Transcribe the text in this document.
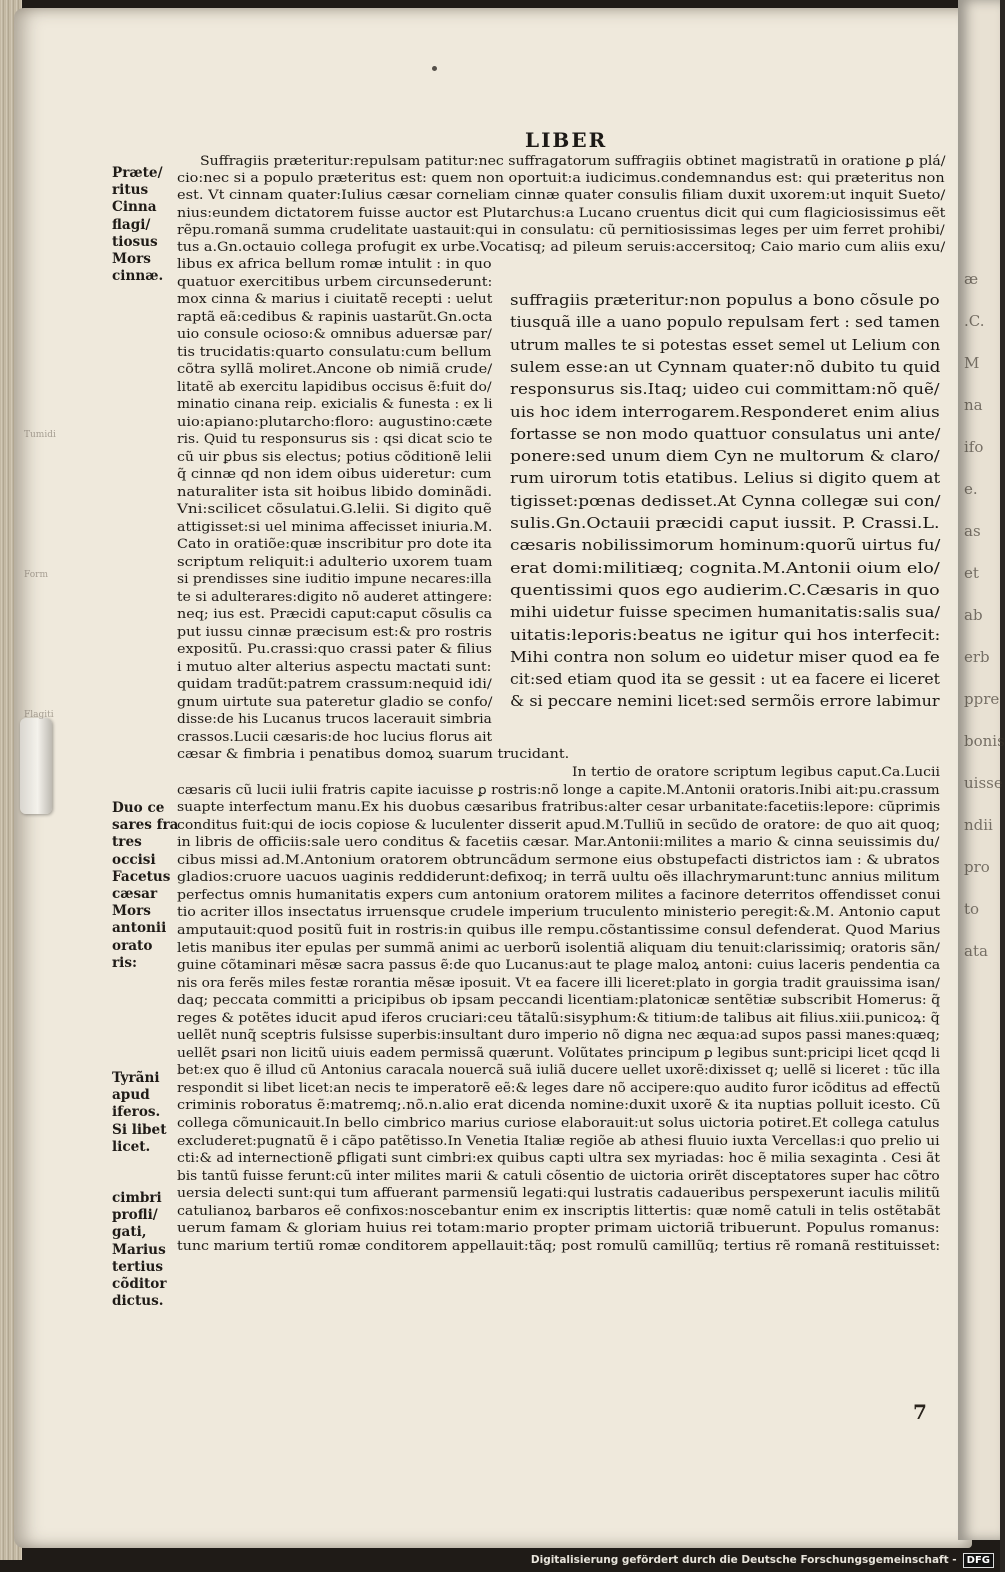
æ
.C.
M
na
ifo
e.
as
et
ab
erb
ppre
bonis
uisse
ndii
pro
to
ata
LIBER
Præte/
ritus
Cinna
flagi/
tiosus
Mors
cinnæ.
Duo ce
sares fra
tres
occisi
Facetus
cæsar
Mors
antonii
orato
ris:
Tyrãni
apud
iferos.
Si libet
licet.
cimbri
profli/
gati,
Marius
tertius
cõditor
dictus.
Suffragiis præteritur:repulsam patitur:nec suffragatorum suffragiis obtinet magistratũ in oratione ꝑ plá/
cio:nec si a populo præteritus est: quem non oportuit:a iudicimus.condemnandus est: qui præteritus non
est. Vt cinnam quater:Iulius cæsar corneliam cinnæ quater consulis filiam duxit uxorem:ut inquit Sueto/
nius:eundem dictatorem fuisse auctor est Plutarchus:a Lucano cruentus dicit qui cum flagiciosissimus eẽt
rẽpu.romanã summa crudelitate uastauit:qui in consulatu: cũ pernitiosissimas leges per uim ferret prohibi/
tus a.Gn.octauio collega profugit ex urbe.Vocatisq; ad pileum seruis:accersitoq; Caio mario cum aliis exu/
libus ex africa bellum romæ intulit : in quo
quatuor exercitibus urbem circunsederunt:
mox cinna & marius i ciuitatẽ recepti : uelut
raptã eã:cedibus & rapinis uastarũt.Gn.octa
uio consule ocioso:& omnibus aduersæ par/
tis trucidatis:quarto consulatu:cum bellum
cõtra syllã moliret.Ancone ob nimiã crude/
litatẽ ab exercitu lapidibus occisus ẽ:fuit do/
minatio cinana reip. exicialis & funesta : ex li
uio:apiano:plutarcho:floro: augustino:cæte
ris. Quid tu responsurus sis : qsi dicat scio te
cũ uir ꝑbus sis electus; potius cõditionẽ lelii
q̃ cinnæ qd non idem oibus uideretur: cum
naturaliter ista sit hoibus libido dominãdi.
Vni:scilicet cõsulatui.G.lelii. Si digito quẽ
attigisset:si uel minima affecisset iniuria.M.
Cato in oratiõe:quæ inscribitur pro dote ita
scriptum reliquit:i adulterio uxorem tuam
si prendisses sine iuditio impune necares:illa
te si adulterares:digito nõ auderet attingere:
neq; ius est. Præcidi caput:caput cõsulis ca
put iussu cinnæ præcisum est:& pro rostris
expositũ. Pu.crassi:quo crassi pater & filius
i mutuo alter alterius aspectu mactati sunt:
quidam tradũt:patrem crassum:nequid idi/
gnum uirtute sua pateretur gladio se confo/
disse:de his Lucanus trucos lacerauit simbria
crassos.Lucii cæsaris:de hoc lucius florus ait
cæsar & fimbria i penatibus domoꝝ suarum trucidant.
suffragiis præteritur:non populus a bono cõsule po
tiusquã ille a uano populo repulsam fert : sed tamen
utrum malles te si potestas esset semel ut Lelium con
sulem esse:an ut Cynnam quater:nõ dubito tu quid
responsurus sis.Itaq; uideo cui committam:nõ quẽ/
uis hoc idem interrogarem.Responderet enim alius
fortasse se non modo quattuor consulatus uni ante/
ponere:sed unum diem Cyn ne multorum & claro/
rum uirorum totis etatibus. Lelius si digito quem at
tigisset:pœnas dedisset.At Cynna collegæ sui con/
sulis.Gn.Octauii præcidi caput iussit. P. Crassi.L.
cæsaris nobilissimorum hominum:quorũ uirtus fu/
erat domi:militiæq; cognita.M.Antonii oium elo/
quentissimi quos ego audierim.C.Cæsaris in quo
mihi uidetur fuisse specimen humanitatis:salis sua/
uitatis:leporis:beatus ne igitur qui hos interfecit:
Mihi contra non solum eo uidetur miser quod ea fe
cit:sed etiam quod ita se gessit : ut ea facere ei liceret
& si peccare nemini licet:sed sermõis errore labimur
In tertio de oratore scriptum legibus caput.Ca.Lucii
cæsaris cũ lucii iulii fratris capite iacuisse ꝑ rostris:nõ longe a capite.M.Antonii oratoris.Inibi ait:pu.crassum
suapte interfectum manu.Ex his duobus cæsaribus fratribus:alter cesar urbanitate:facetiis:lepore: cũprimis
conditus fuit:qui de iocis copiose & luculenter disserit apud.M.Tulliũ in secũdo de oratore: de quo ait quoq;
in libris de officiis:sale uero conditus & facetiis cæsar. Mar.Antonii:milites a mario & cinna seuissimis du/
cibus missi ad.M.Antonium oratorem obtruncãdum sermone eius obstupefacti districtos iam : & ubratos
gladios:cruore uacuos uaginis reddiderunt:defixoq; in terrã uultu oẽs illachrymarunt:tunc annius militum
perfectus omnis humanitatis expers cum antonium oratorem milites a facinore deterritos offendisset conui
tio acriter illos insectatus irruensque crudele imperium truculento ministerio peregit:&.M. Antonio caput
amputauit:quod positũ fuit in rostris:in quibus ille rempu.cõstantissime consul defenderat. Quod Marius
letis manibus iter epulas per summã animi ac uerborũ isolentiã aliquam diu tenuit:clarissimiq; oratoris sãn/
guine cõtaminari mẽsæ sacra passus ẽ:de quo Lucanus:aut te plage maloꝝ antoni: cuius laceris pendentia ca
nis ora ferẽs miles festæ rorantia mẽsæ iposuit. Vt ea facere illi liceret:plato in gorgia tradit grauissima isan/
daq; peccata committi a pricipibus ob ipsam peccandi licentiam:platonicæ sentẽtiæ subscribit Homerus: q̃
reges & potẽtes iducit apud iferos cruciari:ceu tãtalũ:sisyphum:& titium:de talibus ait filius.xiii.punicoꝝ: q̃
uellẽt nunq̃ sceptris fulsisse superbis:insultant duro imperio nõ digna nec æqua:ad supos passi manes:quæq;
uellẽt ꝑsari non licitũ uiuis eadem permissã quærunt. Volũtates principum ꝑ legibus sunt:pricipi licet qcqd li
bet:ex quo ẽ illud cũ Antonius caracala nouercã suã iuliã ducere uellet uxorẽ:dixisset q; uellẽ si liceret : tũc illa
respondit si libet licet:an necis te imperatorẽ eẽ:& leges dare nõ accipere:quo audito furor icõditus ad effectũ
criminis roboratus ẽ:matremq;.nõ.n.alio erat dicenda nomine:duxit uxorẽ & ita nuptias polluit icesto. Cũ
collega cõmunicauit.In bello cimbrico marius curiose elaborauit:ut solus uictoria potiret.Et collega catulus
excluderet:pugnatũ ẽ i cãpo patẽtisso.In Venetia Italiæ regiõe ab athesi fluuio iuxta Vercellas:i quo prelio ui
cti:& ad internectionẽ ꝑfligati sunt cimbri:ex quibus capti ultra sex myriadas: hoc ẽ milia sexaginta . Cesi ãt
bis tantũ fuisse ferunt:cũ inter milites marii & catuli cõsentio de uictoria orirẽt disceptatores super hac cõtro
uersia delecti sunt:qui tum affuerant parmensiũ legati:qui lustratis cadaueribus perspexerunt iaculis militũ
catulianoꝝ barbaros eẽ confixos:noscebantur enim ex inscriptis littertis: quæ nomẽ catuli in telis ostẽtabãt
uerum famam & gloriam huius rei totam:mario propter primam uictoriã tribuerunt. Populus romanus:
tunc marium tertiũ romæ conditorem appellauit:tãq; post romulũ camillũq; tertius rẽ romanã restituisset:
7
Digitalisierung gefördert durch die Deutsche Forschungsgemeinschaft -	DFG
Tumidi
Form
Flagiti
